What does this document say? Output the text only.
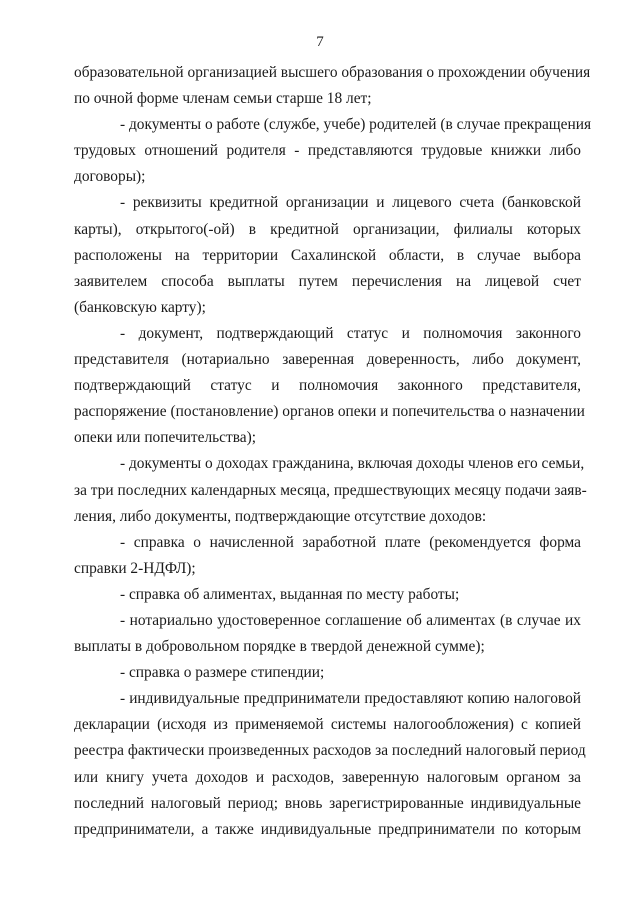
7
образовательной организацией высшего образования о прохождении обучения
по очной форме членам семьи старше 18 лет;
- документы о работе (службе, учебе) родителей (в случае прекращения
трудовых отношений родителя - представляются трудовые книжки либо
договоры);
- реквизиты кредитной организации и лицевого счета (банковской
карты), открытого(-ой) в кредитной организации, филиалы которых
расположены на территории Сахалинской области, в случае выбора
заявителем способа выплаты путем перечисления на лицевой счет
(банковскую карту);
- документ, подтверждающий статус и полномочия законного
представителя (нотариально заверенная доверенность, либо документ,
подтверждающий статус и полномочия законного представителя,
распоряжение (постановление) органов опеки и попечительства о назначении
опеки или попечительства);
- документы о доходах гражданина, включая доходы членов его семьи,
за три последних календарных месяца, предшествующих месяцу подачи заяв-
ления, либо документы, подтверждающие отсутствие доходов:
- справка о начисленной заработной плате (рекомендуется форма
справки 2-НДФЛ);
- справка об алиментах, выданная по месту работы;
- нотариально удостоверенное соглашение об алиментах (в случае их
выплаты в добровольном порядке в твердой денежной сумме);
- справка о размере стипендии;
- индивидуальные предприниматели предоставляют копию налоговой
декларации (исходя из применяемой системы налогообложения) с копией
реестра фактически произведенных расходов за последний налоговый период
или книгу учета доходов и расходов, заверенную налоговым органом за
последний налоговый период; вновь зарегистрированные индивидуальные
предприниматели, а также индивидуальные предприниматели по которым
